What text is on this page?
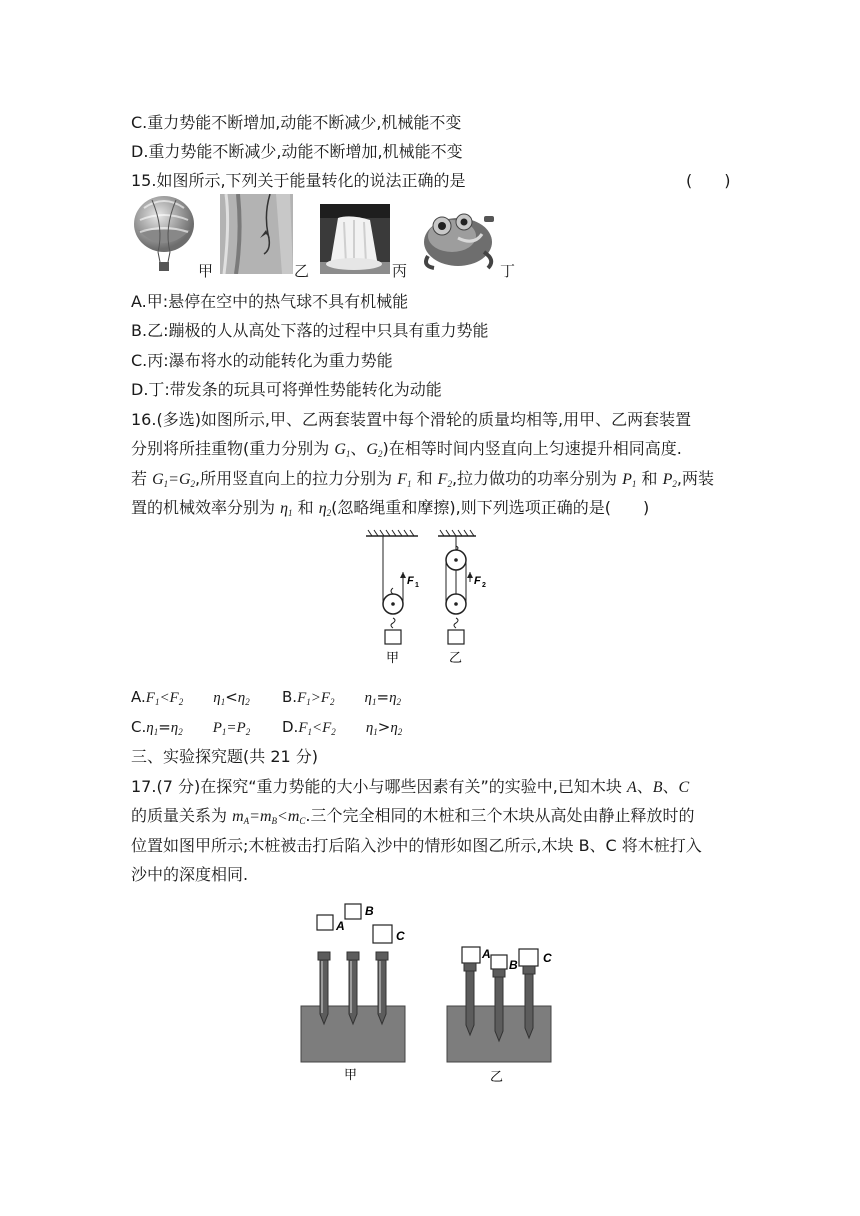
C.重力势能不断增加,动能不断减少,机械能不变
D.重力势能不断减少,动能不断增加,机械能不变
15.如图所示,下列关于能量转化的说法正确的是	(　　)
甲	乙	丙	丁
A.甲:悬停在空中的热气球不具有机械能
B.乙:蹦极的人从高处下落的过程中只具有重力势能
C.丙:瀑布将水的动能转化为重力势能
D.丁:带发条的玩具可将弹性势能转化为动能
16.(多选)如图所示,甲、乙两套装置中每个滑轮的质量均相等,用甲、乙两套装置
分别将所挂重物(重力分别为 $G_1$、$G_2$)在相等时间内竖直向上匀速提升相同高度.
若 $G_1=G_2$,所用竖直向上的拉力分别为 $F_1$ 和 $F_2$,拉力做功的功率分别为 $P_1$ 和 $P_2$,两装
置的机械效率分别为 $\eta_1$ 和 $\eta_2$(忽略绳重和摩擦),则下列选项正确的是(　　)
F 1
甲
F 2
乙
$A.F_1<F_2$　　 $\eta_1<\eta_2$ $B.F_1>F_2$　　 $\eta_1=\eta_2$
$C.\eta_1=\eta_2$　　 $P_1=P_2$ $D.F_1<F_2$　　 $\eta_1>\eta_2$
三、实验探究题(共 21 分)
17.(7 分)在探究“重力势能的大小与哪些因素有关”的实验中,已知木块 A、B、C
的质量关系为 $m_A=m_B<m_C$.三个完全相同的木桩和三个木块从高处由静止释放时的
位置如图甲所示;木桩被击打后陷入沙中的情形如图乙所示,木块 B、C 将木桩打入
沙中的深度相同.
A
B
C
甲
A
B C
乙
